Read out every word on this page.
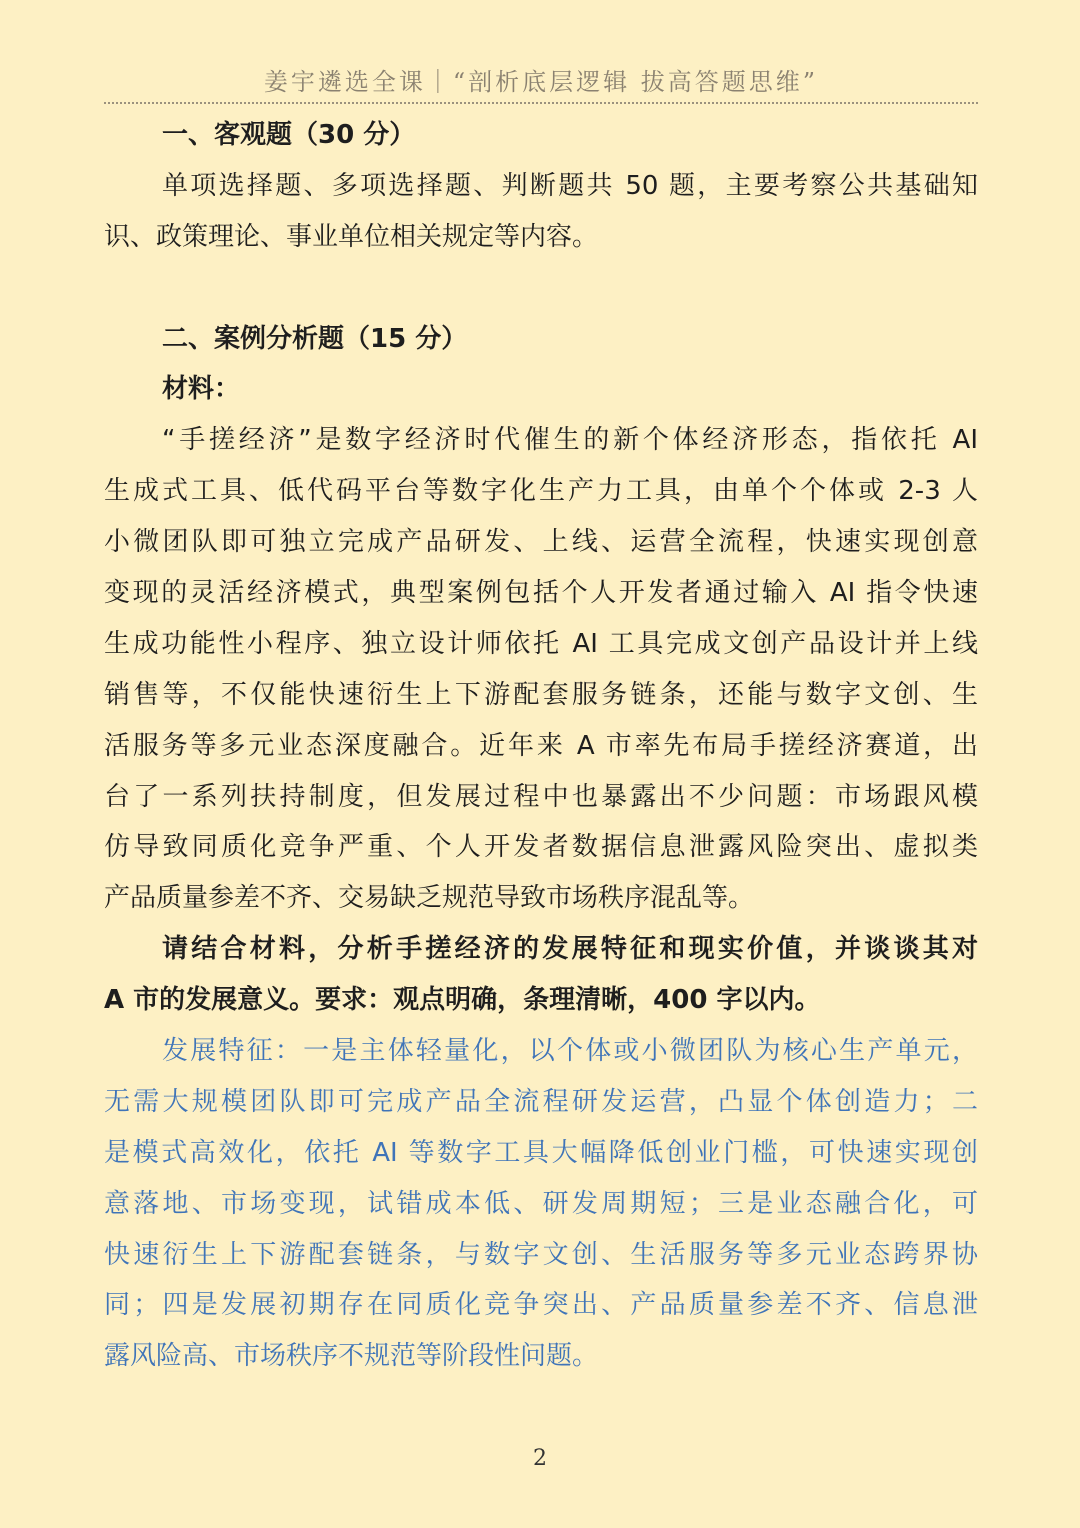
姜宇遴选全课｜“剖析底层逻辑 拔高答题思维”
一、客观题（30 分）
单项选择题、多项选择题、判断题共 50 题，主要考察公共基础知
识、政策理论、事业单位相关规定等内容。
二、案例分析题（15 分）
材料：
“手搓经济”是数字经济时代催生的新个体经济形态，指依托 AI
生成式工具、低代码平台等数字化生产力工具，由单个个体或 2-3 人
小微团队即可独立完成产品研发、上线、运营全流程，快速实现创意
变现的灵活经济模式，典型案例包括个人开发者通过输入 AI 指令快速
生成功能性小程序、独立设计师依托 AI 工具完成文创产品设计并上线
销售等，不仅能快速衍生上下游配套服务链条，还能与数字文创、生
活服务等多元业态深度融合。近年来 A 市率先布局手搓经济赛道，出
台了一系列扶持制度，但发展过程中也暴露出不少问题：市场跟风模
仿导致同质化竞争严重、个人开发者数据信息泄露风险突出、虚拟类
产品质量参差不齐、交易缺乏规范导致市场秩序混乱等。
请结合材料，分析手搓经济的发展特征和现实价值，并谈谈其对
A 市的发展意义。要求：观点明确，条理清晰，400 字以内。
发展特征：一是主体轻量化，以个体或小微团队为核心生产单元，
无需大规模团队即可完成产品全流程研发运营，凸显个体创造力；二
是模式高效化，依托 AI 等数字工具大幅降低创业门槛，可快速实现创
意落地、市场变现，试错成本低、研发周期短；三是业态融合化，可
快速衍生上下游配套链条，与数字文创、生活服务等多元业态跨界协
同；四是发展初期存在同质化竞争突出、产品质量参差不齐、信息泄
露风险高、市场秩序不规范等阶段性问题。
2
